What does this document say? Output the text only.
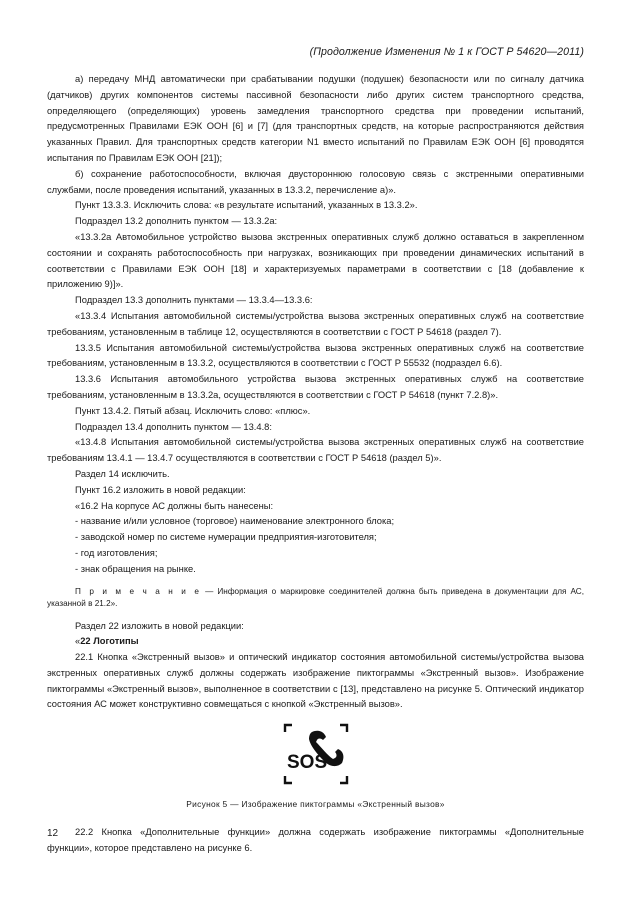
(Продолжение Изменения № 1 к ГОСТ Р 54620—2011)

а) передачу МНД автоматически при срабатывании подушки (подушек) безопасности или по сигналу датчика (датчиков) других компонентов системы пассивной безопасности либо других систем транспортного средства, определяющего (определяющих) уровень замедления транспортного средства при проведении испытаний, предусмотренных Правилами ЕЭК ООН [6] и [7] (для транспортных средств, на которые распространяются действия указанных Правил. Для транспортных средств категории N1 вместо испытаний по Правилам ЕЭК ООН [6] проводятся испытания по Правилам ЕЭК ООН [21]);

б) сохранение работоспособности, включая двустороннюю голосовую связь с экстренными оперативными службами, после проведения испытаний, указанных в 13.3.2, перечисление а)».

Пункт 13.3.3. Исключить слова: «в результате испытаний, указанных в 13.3.2».

Подраздел 13.2 дополнить пунктом — 13.3.2а:

«13.3.2а Автомобильное устройство вызова экстренных оперативных служб должно оставаться в закрепленном состоянии и сохранять работоспособность при нагрузках, возникающих при проведении динамических испытаний в соответствии с Правилами ЕЭК ООН [18] и характеризуемых параметрами в соответствии с [18 (добавление к приложению 9)]».

Подраздел 13.3 дополнить пунктами — 13.3.4—13.3.6:

«13.3.4 Испытания автомобильной системы/устройства вызова экстренных оперативных служб на соответствие требованиям, установленным в таблице 12, осуществляются в соответствии с ГОСТ Р 54618 (раздел 7).

13.3.5 Испытания автомобильной системы/устройства вызова экстренных оперативных служб на соответствие требованиям, установленным в 13.3.2, осуществляются в соответствии с ГОСТ Р 55532 (подраздел 6.6).

13.3.6 Испытания автомобильного устройства вызова экстренных оперативных служб на соответствие требованиям, установленным в 13.3.2а, осуществляются в соответствии с ГОСТ Р 54618 (пункт 7.2.8)».

Пункт 13.4.2. Пятый абзац. Исключить слово: «плюс».

Подраздел 13.4 дополнить пунктом — 13.4.8:

«13.4.8 Испытания автомобильной системы/устройства вызова экстренных оперативных служб на соответствие требованиям 13.4.1 — 13.4.7 осуществляются в соответствии с ГОСТ Р 54618 (раздел 5)».

Раздел 14 исключить.

Пункт 16.2 изложить в новой редакции:

«16.2 На корпусе АС должны быть нанесены:

- название и/или условное (торговое) наименование электронного блока;

- заводской номер по системе нумерации предприятия-изготовителя;

- год изготовления;

- знак обращения на рынке.

П р и м е ч а н и е — Информация о маркировке соединителей должна быть приведена в документации для АС, указанной в 21.2».

Раздел 22 изложить в новой редакции:

«22 Логотипы

22.1 Кнопка «Экстренный вызов» и оптический индикатор состояния автомобильной системы/устройства вызова экстренных оперативных служб должны содержать изображение пиктограммы «Экстренный вызов». Изображение пиктограммы «Экстренный вызов», выполненное в соответствии с [13], представлено на рисунке 5. Оптический индикатор состояния АС может конструктивно совмещаться с кнопкой «Экстренный вызов».

SOS

Рисунок 5 — Изображение пиктограммы «Экстренный вызов»

22.2 Кнопка «Дополнительные функции» должна содержать изображение пиктограммы «Дополнительные функции», которое представлено на рисунке 6.

12
